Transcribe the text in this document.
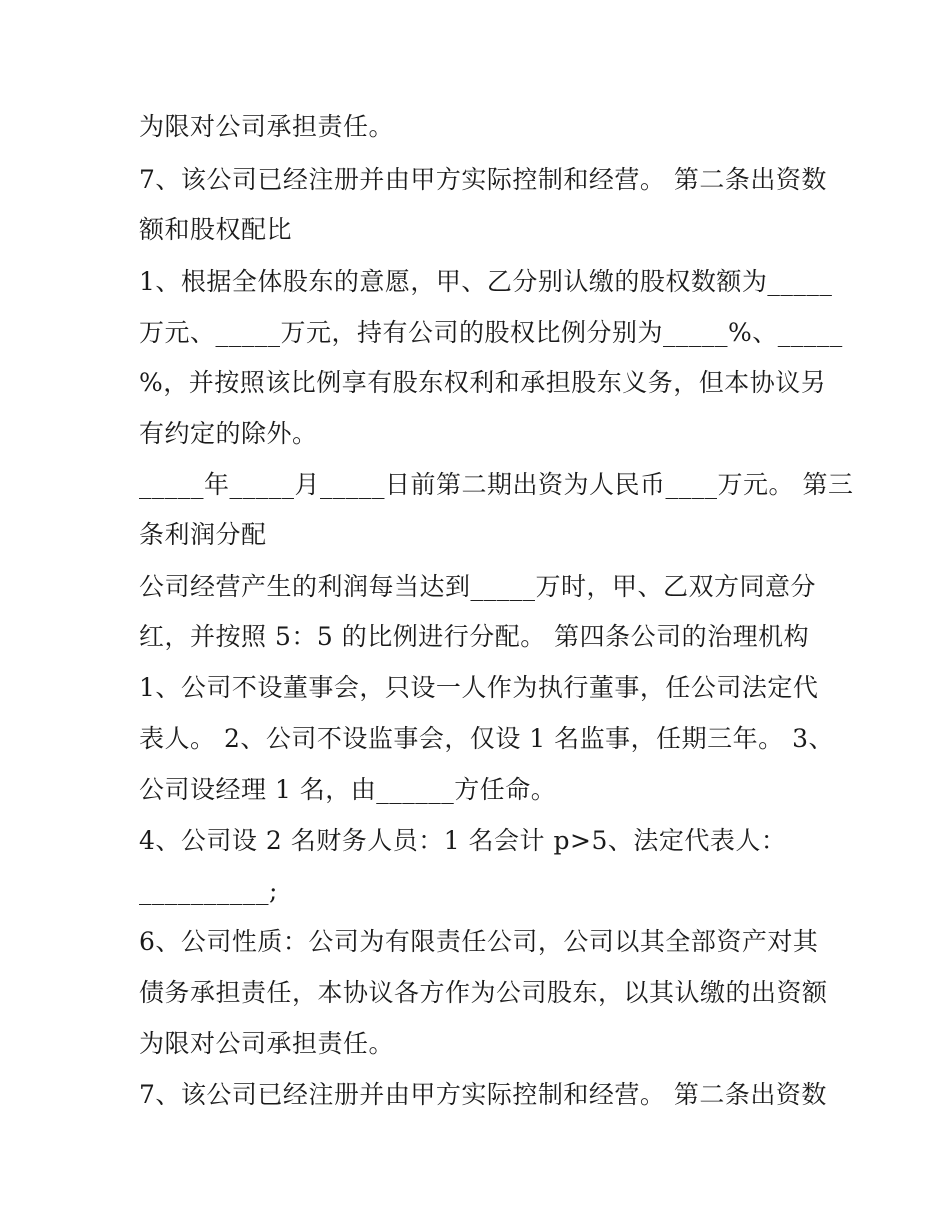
为限对公司承担责任。
7、该公司已经注册并由甲方实际控制和经营。 第二条出资数
额和股权配比
1、根据全体股东的意愿，甲、乙分别认缴的股权数额为_____
万元、_____万元，持有公司的股权比例分别为_____%、_____
%，并按照该比例享有股东权利和承担股东义务，但本协议另
有约定的除外。
_____年_____月_____日前第二期出资为人民币____万元。 第三
条利润分配
公司经营产生的利润每当达到_____万时，甲、乙双方同意分
红，并按照 5：5 的比例进行分配。 第四条公司的治理机构
1、公司不设董事会，只设一人作为执行董事，任公司法定代
表人。 2、公司不设监事会，仅设 1 名监事，任期三年。 3、
公司设经理 1 名，由______方任命。
4、公司设 2 名财务人员：1 名会计 p>5、法定代表人：
__________;
6、公司性质：公司为有限责任公司，公司以其全部资产对其
债务承担责任，本协议各方作为公司股东，以其认缴的出资额
为限对公司承担责任。
7、该公司已经注册并由甲方实际控制和经营。 第二条出资数
